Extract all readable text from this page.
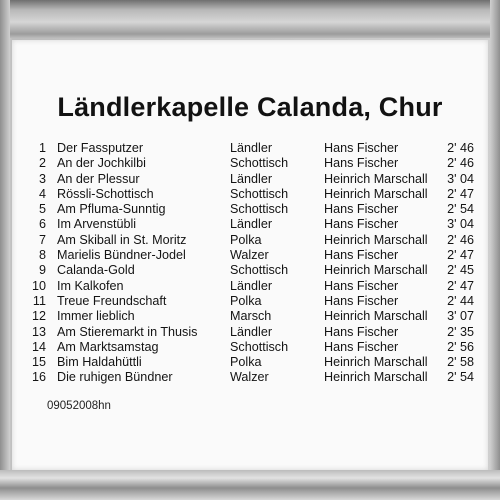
Ländlerkapelle Calanda, Chur
1 Der Fassputzer	Ländler	Hans Fischer	2' 46
2 An der Jochkilbi	Schottisch	Hans Fischer	2' 46
3 An der Plessur	Ländler	Heinrich Marschall	3' 04
4 Rössli-Schottisch	Schottisch	Heinrich Marschall	2' 47
5 Am Pfluma-Sunntig	Schottisch	Hans Fischer	2' 54
6 Im Arvenstübli	Ländler	Hans Fischer	3' 04
7 Am Skiball in St. Moritz	Polka	Heinrich Marschall	2' 46
8 Marielis Bündner-Jodel	Walzer	Hans Fischer	2' 47
9 Calanda-Gold	Schottisch	Heinrich Marschall	2' 45
10 Im Kalkofen	Ländler	Hans Fischer	2' 47
11 Treue Freundschaft	Polka	Hans Fischer	2' 44
12 Immer lieblich	Marsch	Heinrich Marschall	3' 07
13 Am Stieremarkt in Thusis	Ländler	Hans Fischer	2' 35
14 Am Marktsamstag	Schottisch	Hans Fischer	2' 56
15 Bim Haldahüttli	Polka	Heinrich Marschall	2' 58
16 Die ruhigen Bündner	Walzer	Heinrich Marschall	2' 54
09052008hn
